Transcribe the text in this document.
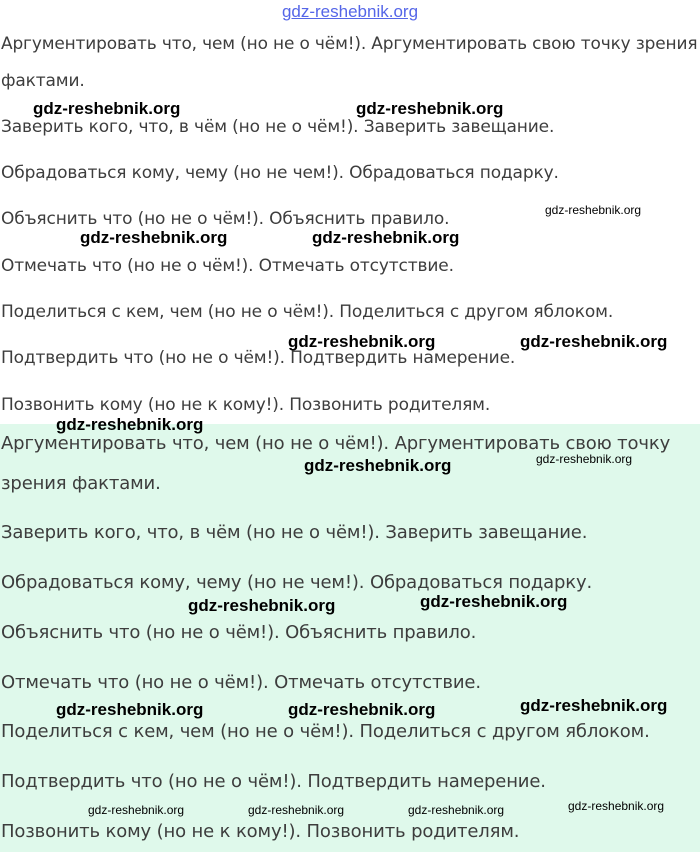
gdz-reshebnik.org
Аргументировать что, чем (но не о чём!). Аргументировать свою точку зрения
фактами.
Заверить кого, что, в чём (но не о чём!). Заверить завещание.
Обрадоваться кому, чему (но не чем!). Обрадоваться подарку.
Объяснить что (но не о чём!). Объяснить правило.
Отмечать что (но не о чём!). Отмечать отсутствие.
Поделиться с кем, чем (но не о чём!). Поделиться с другом яблоком.
Подтвердить что (но не о чём!). Подтвердить намерение.
Позвонить кому (но не к кому!). Позвонить родителям.
Аргументировать что, чем (но не о чём!). Аргументировать свою точку
зрения фактами.
Заверить кого, что, в чём (но не о чём!). Заверить завещание.
Обрадоваться кому, чему (но не чем!). Обрадоваться подарку.
Объяснить что (но не о чём!). Объяснить правило.
Отмечать что (но не о чём!). Отмечать отсутствие.
Поделиться с кем, чем (но не о чём!). Поделиться с другом яблоком.
Подтвердить что (но не о чём!). Подтвердить намерение.
Позвонить кому (но не к кому!). Позвонить родителям.
gdz-reshebnik.org	gdz-reshebnik.org
gdz-reshebnik.org
gdz-reshebnik.org	gdz-reshebnik.org
gdz-reshebnik.org	gdz-reshebnik.org
gdz-reshebnik.org
gdz-reshebnik.org
gdz-reshebnik.org
gdz-reshebnik.org
gdz-reshebnik.org
gdz-reshebnik.org
gdz-reshebnik.org	gdz-reshebnik.org
gdz-reshebnik.org
gdz-reshebnik.org	gdz-reshebnik.org	gdz-reshebnik.org
